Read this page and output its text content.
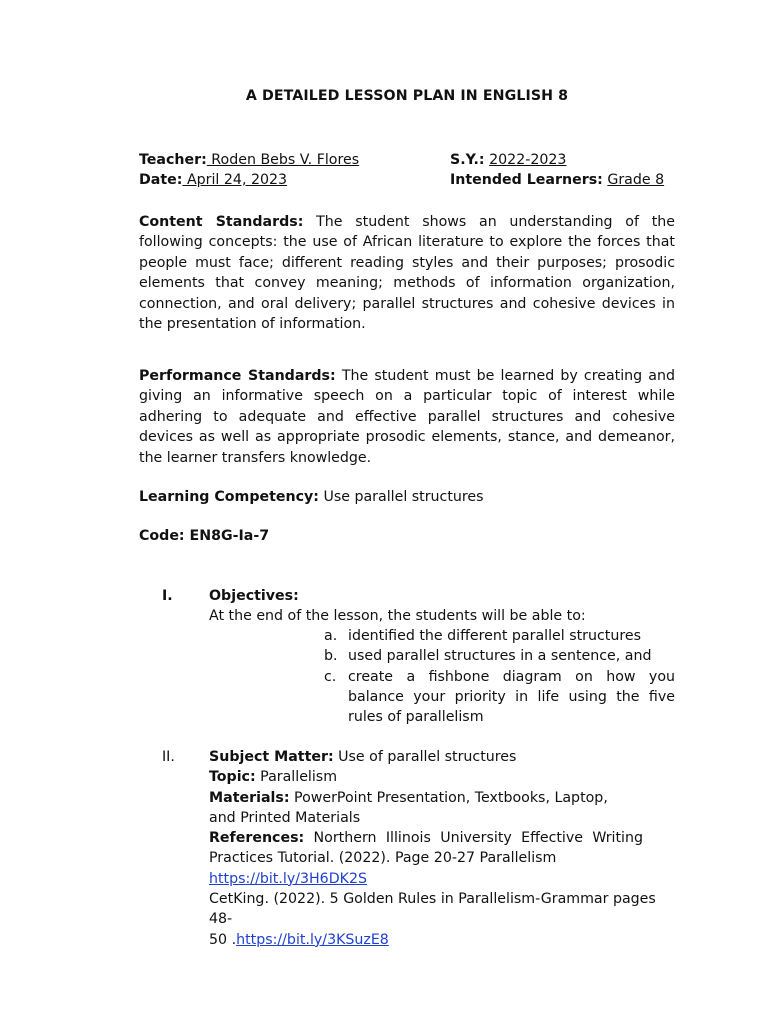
A DETAILED LESSON PLAN IN ENGLISH 8
Teacher: Roden Bebs V. Flores	S.Y.: 2022-2023
Date: April 24, 2023	Intended Learners: Grade 8

Content Standards: The student shows an understanding of the following concepts: the use of African literature to explore the forces that people must face; different reading styles and their purposes; prosodic elements that convey meaning; methods of information organization, connection, and oral delivery; parallel structures and cohesive devices in the presentation of information.

Performance Standards: The student must be learned by creating and giving an informative speech on a particular topic of interest while adhering to adequate and effective parallel structures and cohesive devices as well as appropriate prosodic elements, stance, and demeanor, the learner transfers knowledge.

Learning Competency: Use parallel structures
Code: EN8G-Ia-7
I.	Objectives:
At the end of the lesson, the students will be able to:
a. identified the different parallel structures
b. used parallel structures in a sentence, and
c. create a fishbone diagram on how you balance your priority in life using the five rules of parallelism
II. Subject Matter: Use of parallel structures
Topic: Parallelism
Materials: PowerPoint Presentation, Textbooks, Laptop, and Printed Materials
References: Northern Illinois University Effective Writing
Practices Tutorial. (2022). Page 20-27 Parallelism
https://bit.ly/3H6DK2S
CetKing. (2022). 5 Golden Rules in Parallelism-Grammar pages 48-
50 .https://bit.ly/3KSuzE8
